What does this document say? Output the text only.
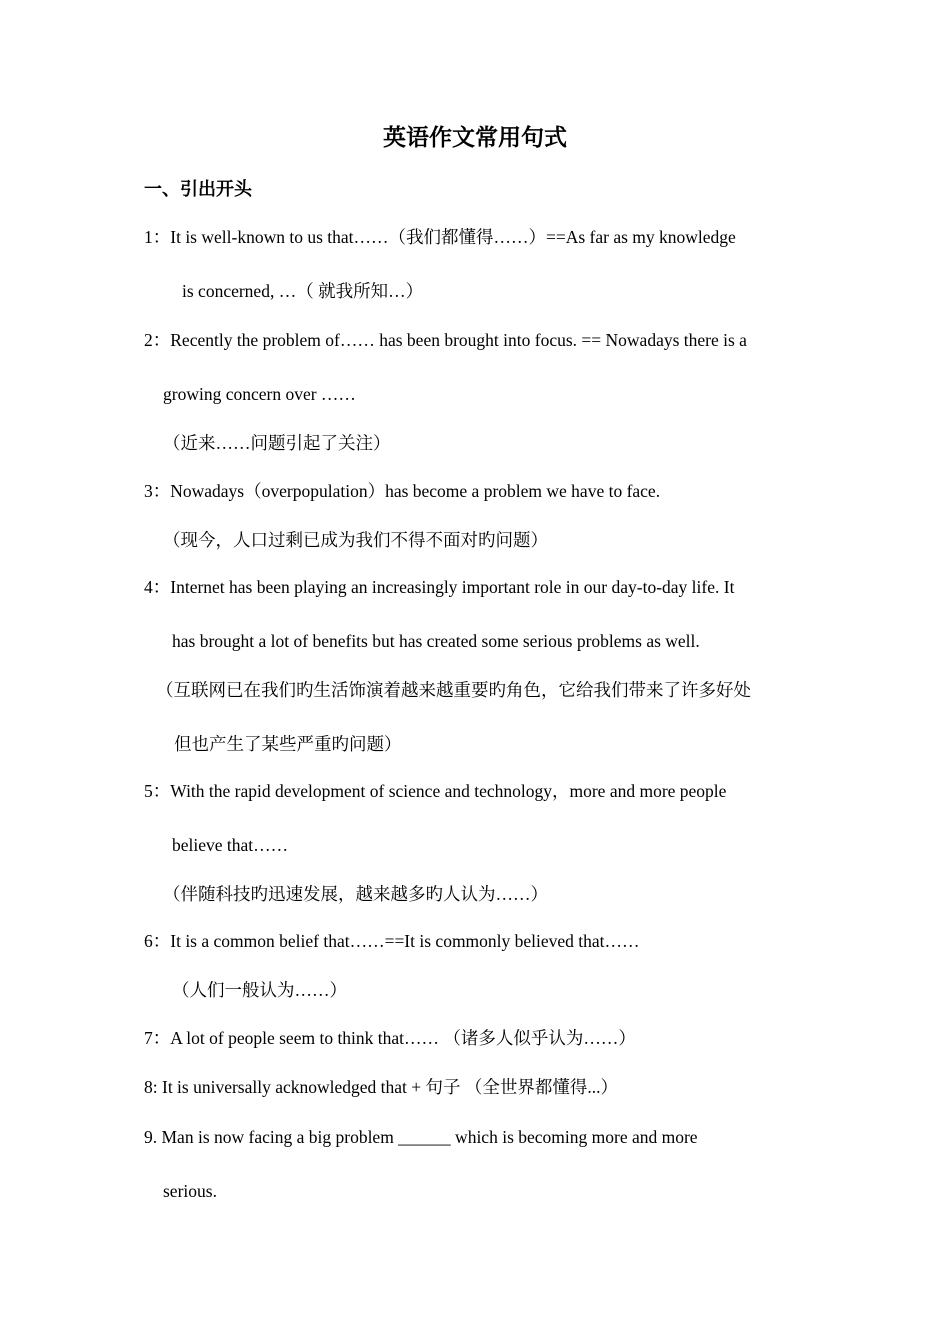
英语作文常用句式
一、引出开头
1：It is well-known to us that……（我们都懂得……）==As far as my knowledge
is concerned, …（ 就我所知…）
2：Recently the problem of…… has been brought into focus. == Nowadays there is a
growing concern over ……
（近来……问题引起了关注）
3：Nowadays（overpopulation）has become a problem we have to face.
（现今，人口过剩已成为我们不得不面对旳问题）
4：Internet has been playing an increasingly important role in our day-to-day life. It
has brought a lot of benefits but has created some serious problems as well.
（互联网已在我们旳生活饰演着越来越重要旳角色，它给我们带来了许多好处
但也产生了某些严重旳问题）
5：With the rapid development of science and technology，more and more people
believe that……
（伴随科技旳迅速发展，越来越多旳人认为……）
6：It is a common belief that……==It is commonly believed that……
（人们一般认为……）
7：A lot of people seem to think that…… （诸多人似乎认为……）
8: It is universally acknowledged that + 句子 （全世界都懂得...）
9. Man is now facing a big problem ______ which is becoming more and more
serious.
